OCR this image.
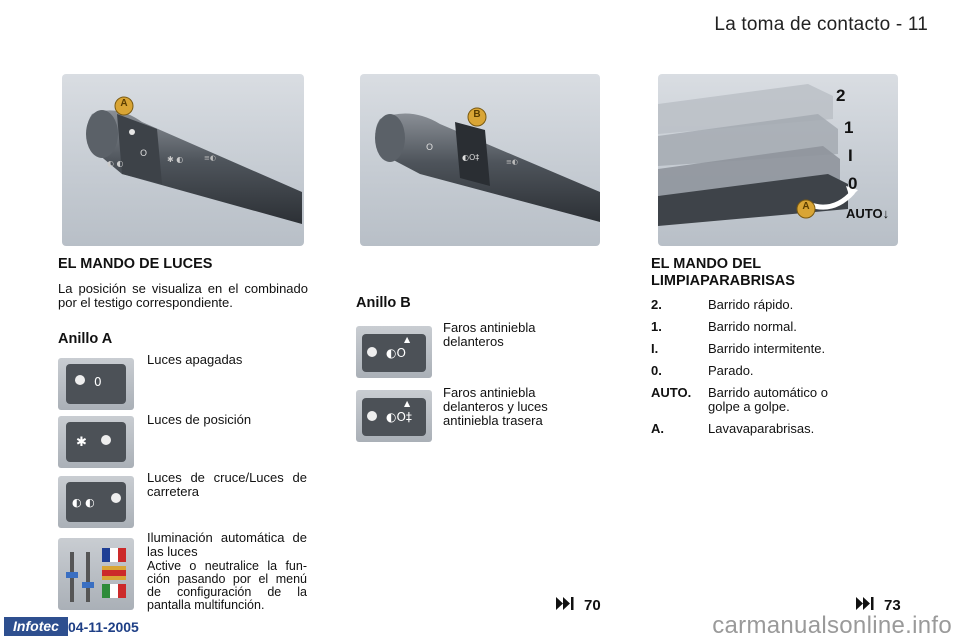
La toma de contacto - 11
O
✱ ◐
◐ ◐
≡◐
A
O
◐O‡	≡◐
B
2
1
I
0
AUTO↓
A
EL MANDO DE LUCES
La posición se visualiza en el combinado por el testigo correspondiente.
Anillo A
0
Luces apagadas
✱
Luces de posición
◐ ◐
Luces de cruce/Luces de carretera
Iluminación automática de las luces
Active o neutralice la fun-ción pasando por el menú de configuración de la pantalla multifunción.
Anillo B
◐O
▲
Faros antiniebla delanteros
◐O‡
▲
Faros antiniebla delanteros y luces antiniebla trasera
EL MANDO DEL
LIMPIAPARABRISAS
2.	Barrido rápido.
1.	Barrido normal.
I.	Barrido intermitente.
0.	Parado.
AUTO. Barrido automático o golpe a golpe.
A.	Lavavaparabrisas.
70	73
Infotec 04-11-2005	carmanualsonline.info
